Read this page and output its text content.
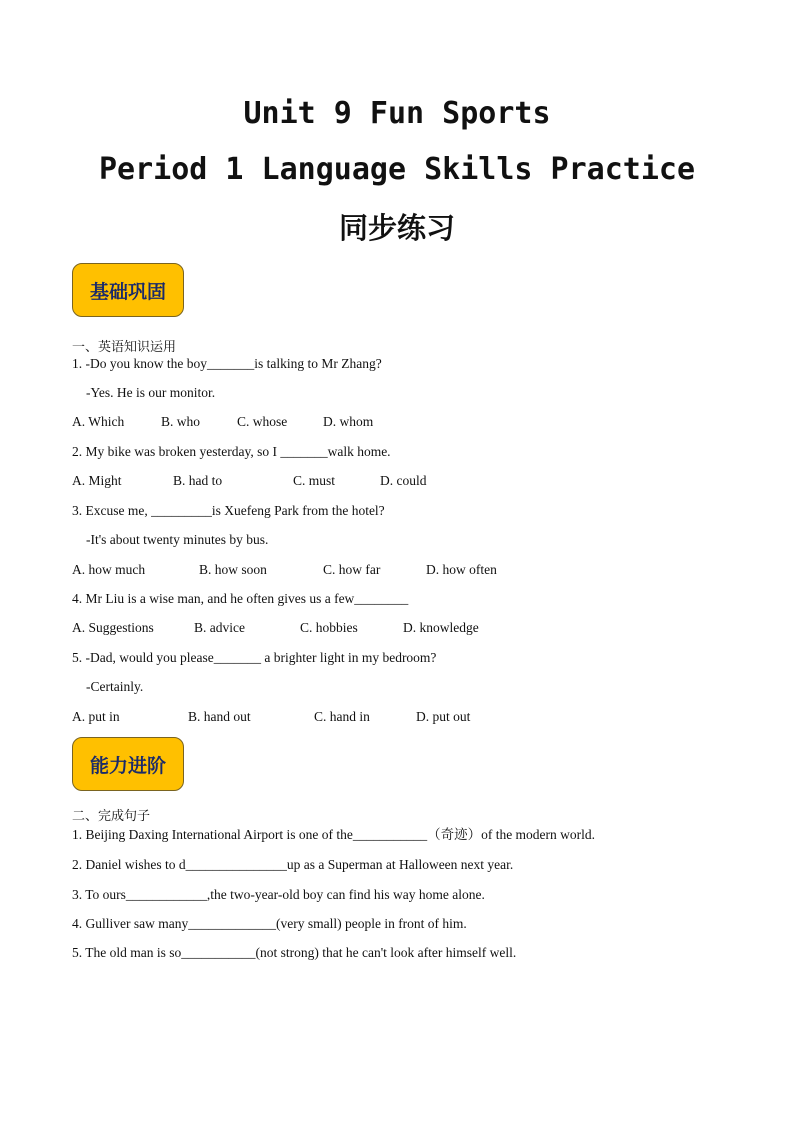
Unit 9 Fun Sports
Period 1 Language Skills Practice
同步练习
基础巩固
一、英语知识运用
1. -Do you know the boy_______is talking to Mr Zhang?
-Yes. He is our monitor.
A. Which	B. who	C. whose	D. whom
2. My bike was broken yesterday, so I _______walk home.
A. Might	B. had to	C. must	D. could
3. Excuse me, _________is Xuefeng Park from the hotel?
-It's about twenty minutes by bus.
A. how much	B. how soon	C. how far	D. how often
4. Mr Liu is a wise man, and he often gives us a few________
A. Suggestions	B. advice	C. hobbies	D. knowledge
5. -Dad, would you please_______ a brighter light in my bedroom?
-Certainly.
A. put in	B. hand out	C. hand in	D. put out
能力进阶
二、完成句子
1. Beijing Daxing International Airport is one of the___________（奇迹）of the modern world.
2. Daniel wishes to d_______________up as a Superman at Halloween next year.
3. To ours____________,the two-year-old boy can find his way home alone.
4. Gulliver saw many_____________(very small) people in front of him.
5. The old man is so___________(not strong) that he can't look after himself well.
